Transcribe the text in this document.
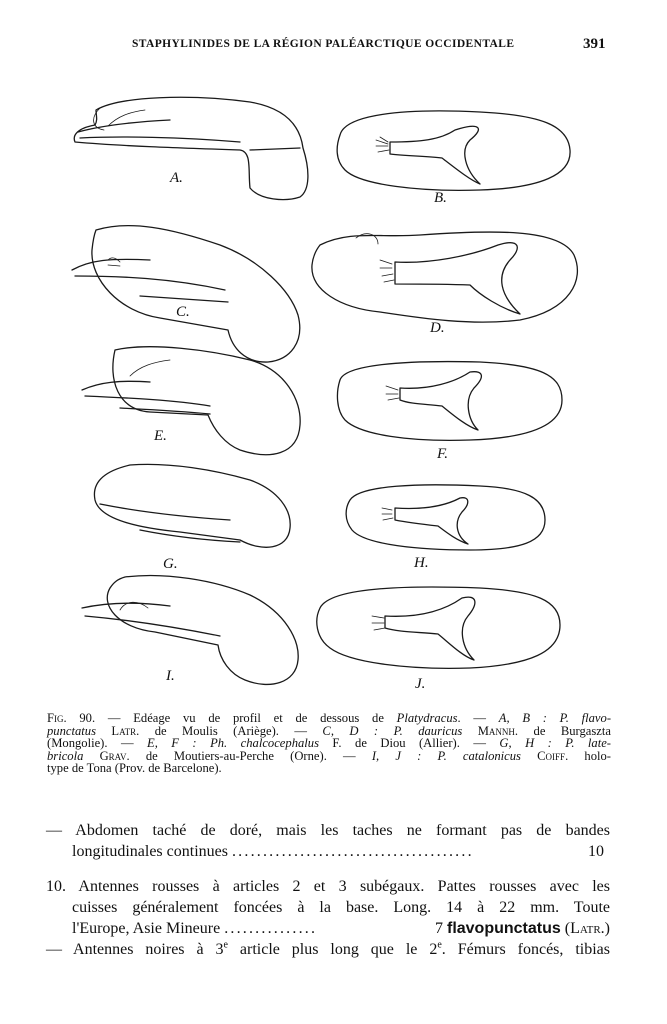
STAPHYLINIDES DE LA RÉGION PALÉARCTIQUE OCCIDENTALE	391
A.
B.
C.
D.
E.
F.
G.	H.
I.	J.
Fig. 90. — Edéage vu de profil et de dessous de Platydracus. — A, B : P. flavo-
punctatus Latr. de Moulis (Ariège). — C, D : P. dauricus Mannh. de Burgaszta
(Mongolie). — E, F : Ph. chalcocephalus F. de Diou (Allier). — G, H : P. late-
bricola Grav. de Moutiers-au-Perche (Orne). — I, J : P. catalonicus Coiff. holo-
type de Tona (Prov. de Barcelone).
— Abdomen taché de doré, mais les taches ne formant pas de bandes
longitudinales continues .......................................	10
10. Antennes rousses à articles 2 et 3 subégaux. Pattes rousses avec les
cuisses généralement foncées à la base. Long. 14 à 22 mm. Toute
l'Europe, Asie Mineure ...............	7 flavopunctatus (Latr.)
— Antennes noires à 3e article plus long que le 2e. Fémurs foncés, tibias
